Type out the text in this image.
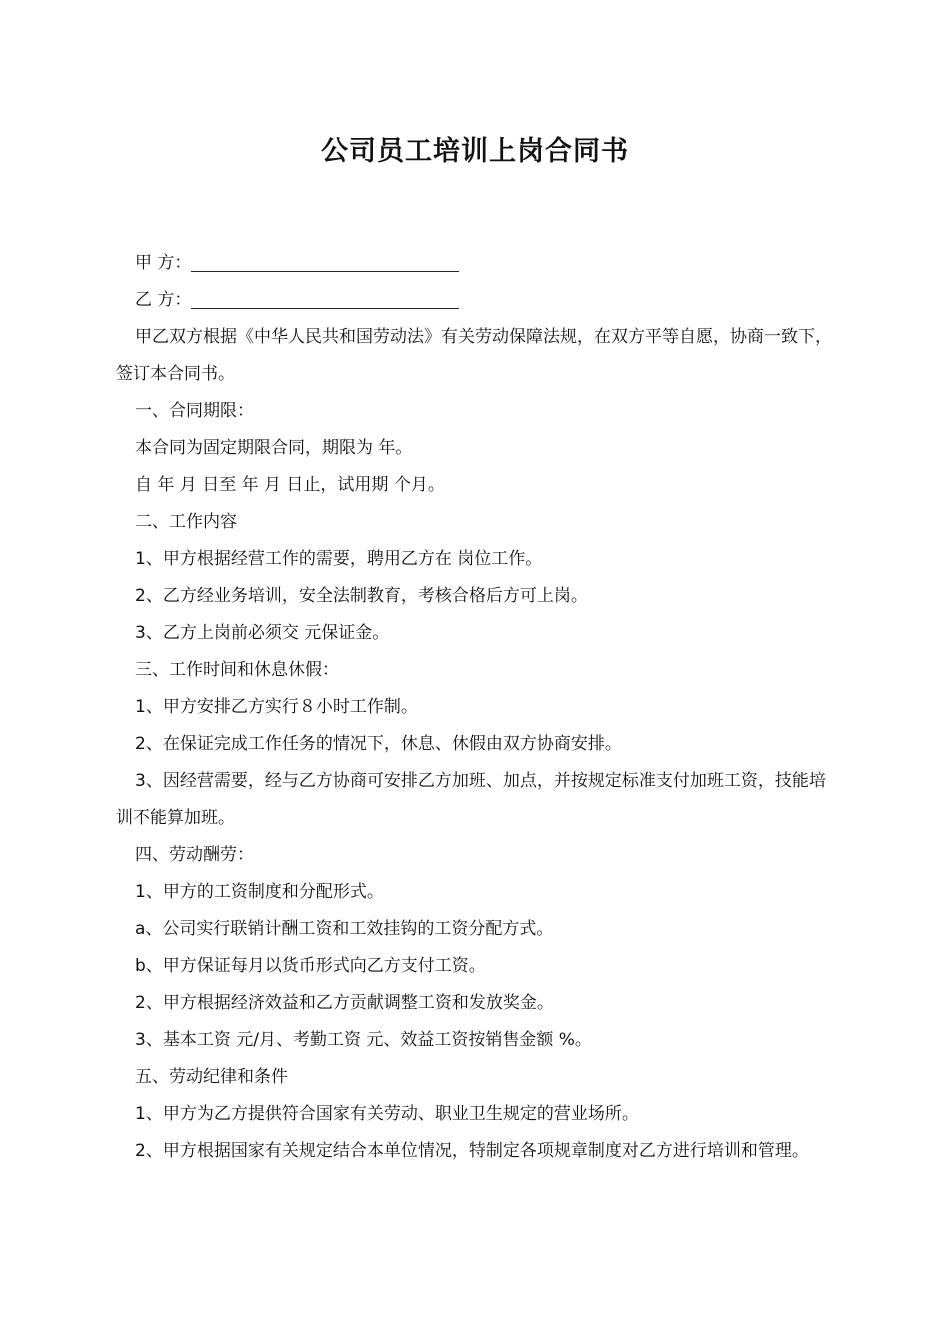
公司员工培训上岗合同书
甲 方：
乙 方：
甲乙双方根据《中华人民共和国劳动法》有关劳动保障法规，在双方平等自愿，协商一致下，签订本合同书。
一、合同期限：
本合同为固定期限合同，期限为 年。
自 年 月 日至 年 月 日止，试用期 个月。
二、工作内容
1、甲方根据经营工作的需要，聘用乙方在 岗位工作。
2、乙方经业务培训，安全法制教育，考核合格后方可上岗。
3、乙方上岗前必须交 元保证金。
三、工作时间和休息休假：
1、甲方安排乙方实行８小时工作制。
2、在保证完成工作任务的情况下，休息、休假由双方协商安排。
3、因经营需要，经与乙方协商可安排乙方加班、加点，并按规定标准支付加班工资，技能培训不能算加班。
四、劳动酬劳：
1、甲方的工资制度和分配形式。
a、公司实行联销计酬工资和工效挂钩的工资分配方式。
b、甲方保证每月以货币形式向乙方支付工资。
2、甲方根据经济效益和乙方贡献调整工资和发放奖金。
3、基本工资 元/月、考勤工资 元、效益工资按销售金额 %。
五、劳动纪律和条件
1、甲方为乙方提供符合国家有关劳动、职业卫生规定的营业场所。
2、甲方根据国家有关规定结合本单位情况，特制定各项规章制度对乙方进行培训和管理。
